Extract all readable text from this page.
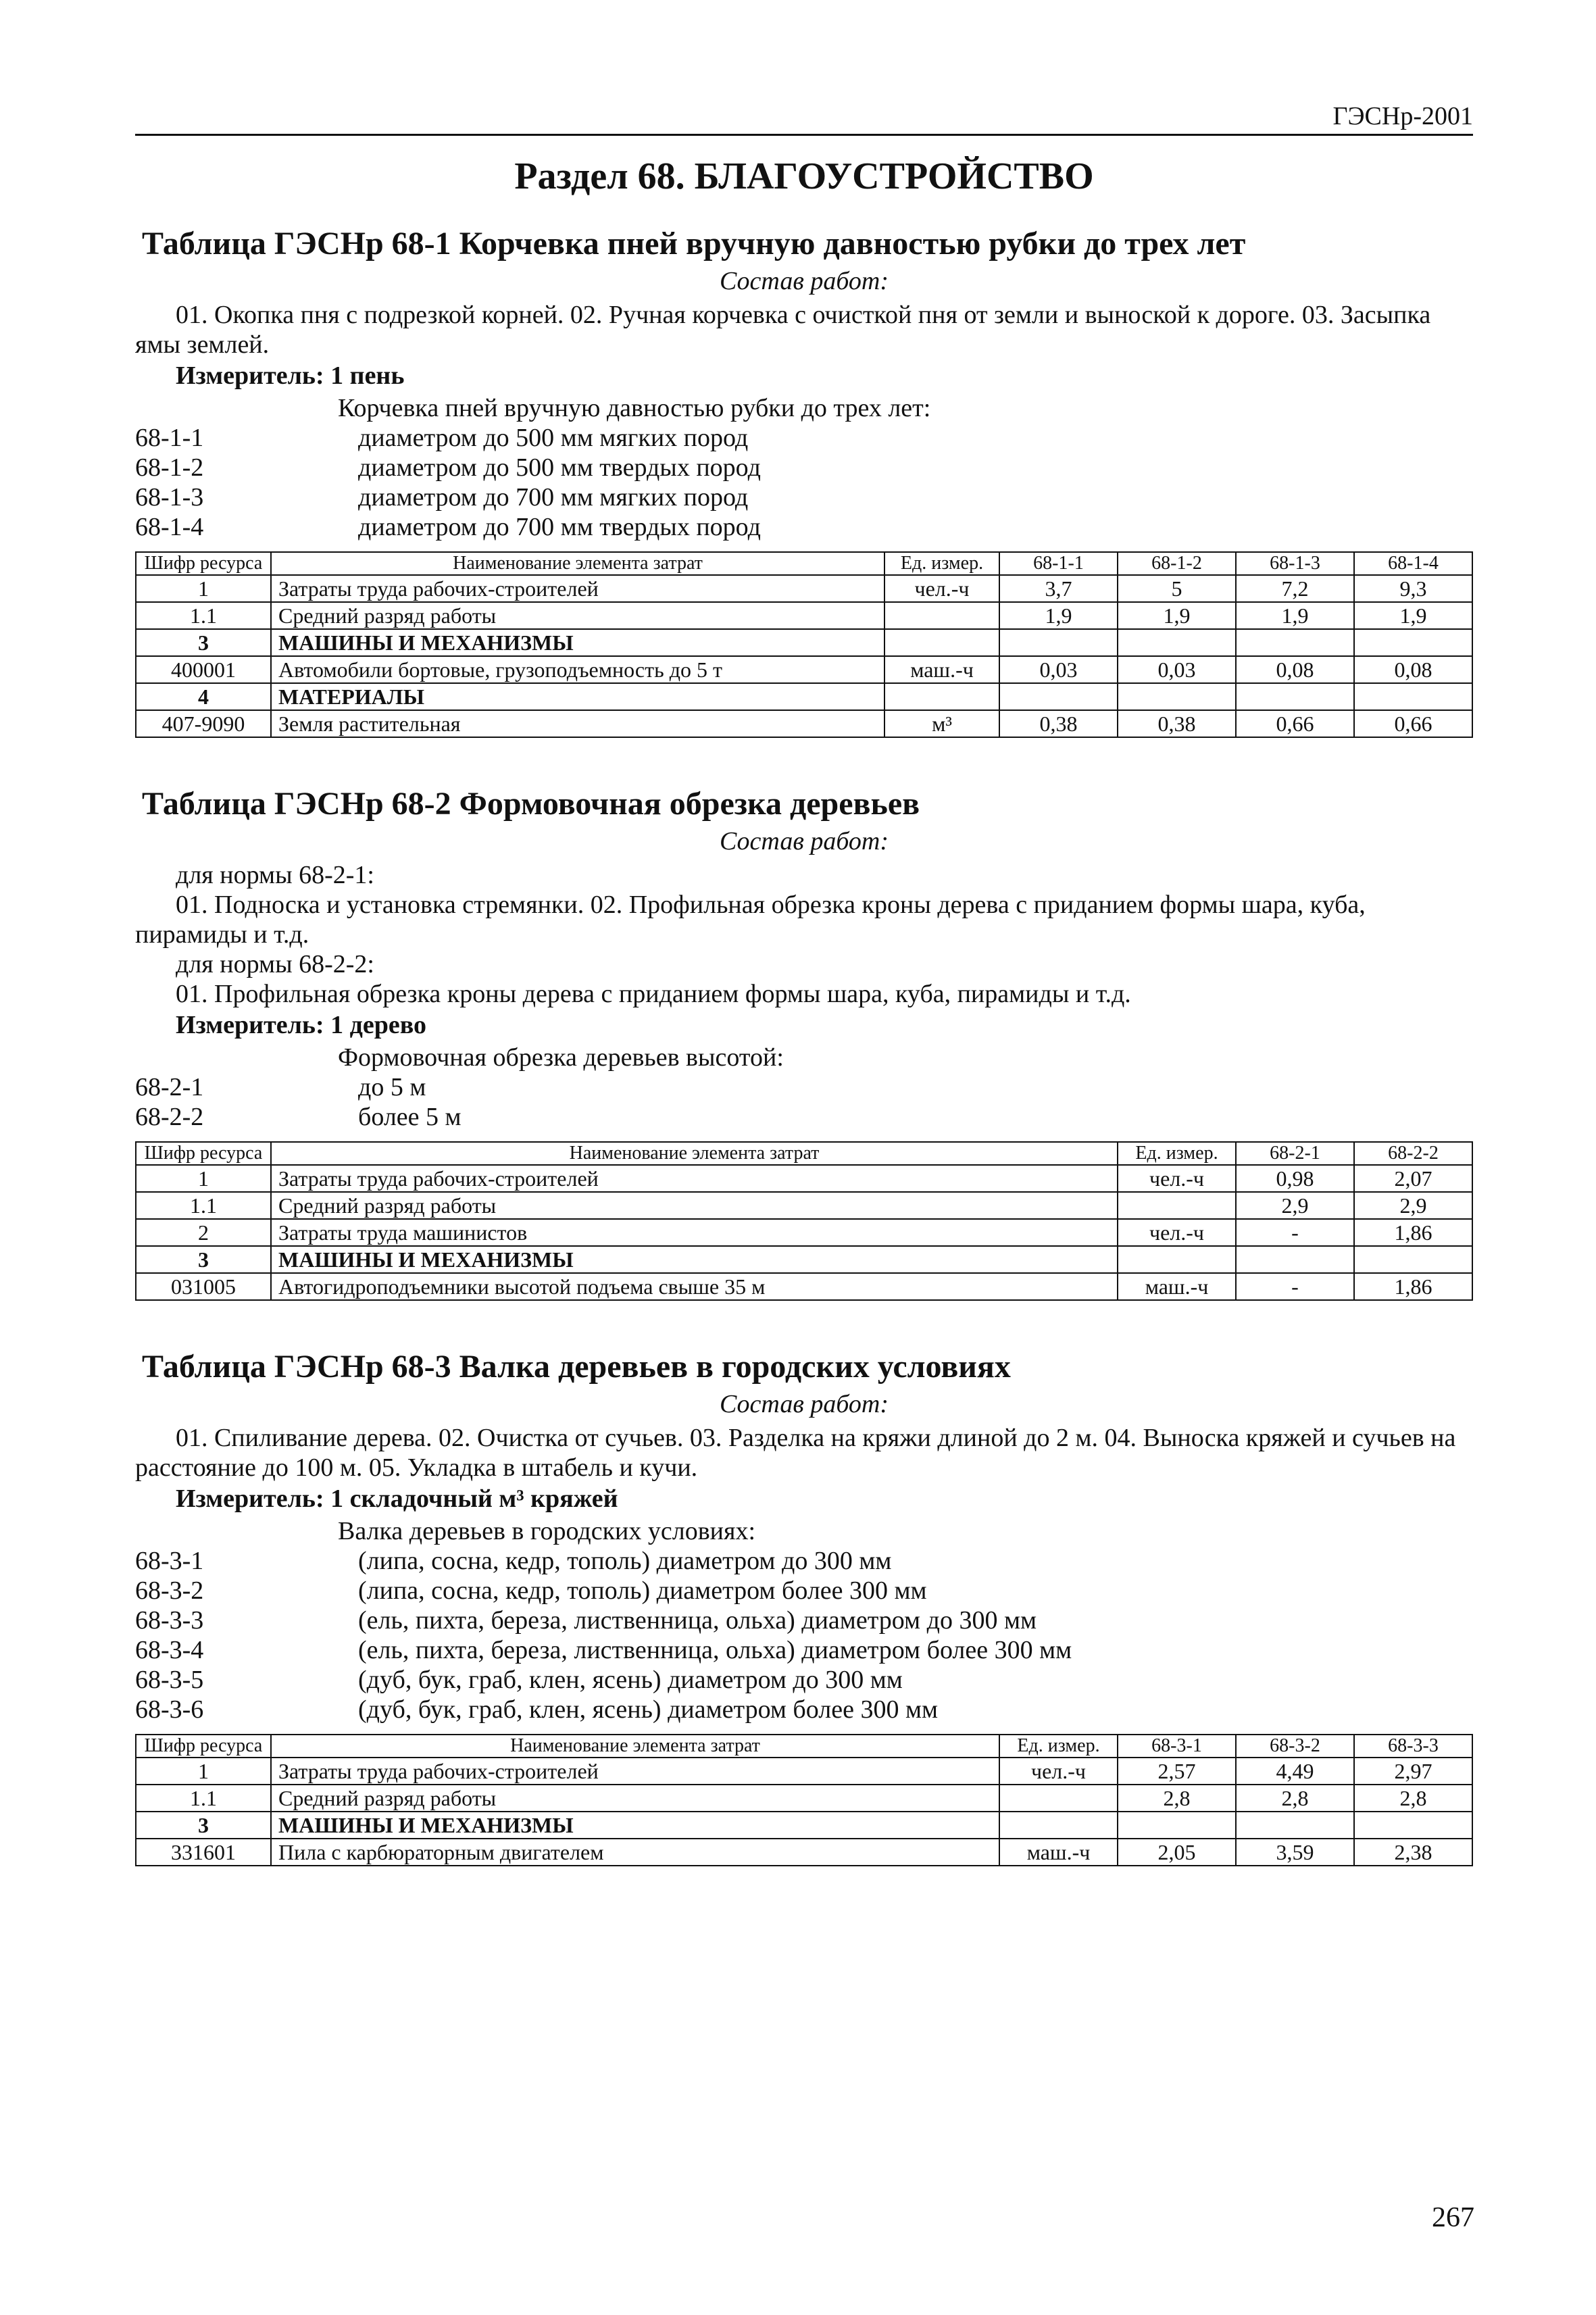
ГЭСНр-2001
Раздел 68. БЛАГОУСТРОЙСТВО
Таблица ГЭСНр 68-1 Корчевка пней вручную давностью рубки до трех лет
Состав работ:

01. Окопка пня с подрезкой корней. 02. Ручная корчевка с очисткой пня от земли и выноской к дороге. 03. Засыпка ямы землей.

Измеритель: 1 пень
Корчевка пней вручную давностью рубки до трех лет:
68-1-1	диаметром до 500 мм мягких пород
68-1-2	диаметром до 500 мм твердых пород
68-1-3	диаметром до 700 мм мягких пород
68-1-4	диаметром до 700 мм твердых пород
Шифр ресурса	Наименование элемента затрат	Ед. измер.	68-1-1	68-1-2	68-1-3	68-1-4
1	Затраты труда рабочих-строителей	чел.-ч	3,7	5	7,2	9,3
1.1	Средний разряд работы		1,9	1,9	1,9	1,9
3	МАШИНЫ И МЕХАНИЗМЫ					
400001	Автомобили бортовые, грузоподъемность до 5 т	маш.-ч	0,03	0,03	0,08	0,08
4	МАТЕРИАЛЫ					
407-9090	Земля растительная	м³	0,38	0,38	0,66	0,66
Таблица ГЭСНр 68-2 Формовочная обрезка деревьев
Состав работ:

для нормы 68-2-1:

01. Подноска и установка стремянки. 02. Профильная обрезка кроны дерева с приданием формы шара, куба, пирамиды и т.д.

для нормы 68-2-2:

01. Профильная обрезка кроны дерева с приданием формы шара, куба, пирамиды и т.д.

Измеритель: 1 дерево
Формовочная обрезка деревьев высотой:
68-2-1	до 5 м
68-2-2	более 5 м
Шифр ресурса	Наименование элемента затрат	Ед. измер.	68-2-1	68-2-2
1	Затраты труда рабочих-строителей	чел.-ч	0,98	2,07
1.1	Средний разряд работы		2,9	2,9
2	Затраты труда машинистов	чел.-ч	-	1,86
3	МАШИНЫ И МЕХАНИЗМЫ			
031005	Автогидроподъемники высотой подъема свыше 35 м	маш.-ч	-	1,86
Таблица ГЭСНр 68-3 Валка деревьев в городских условиях
Состав работ:

01. Спиливание дерева. 02. Очистка от сучьев. 03. Разделка на кряжи длиной до 2 м. 04. Выноска кряжей и сучьев на расстояние до 100 м. 05. Укладка в штабель и кучи.

Измеритель: 1 складочный м³ кряжей
Валка деревьев в городских условиях:
68-3-1	(липа, сосна, кедр, тополь) диаметром до 300 мм
68-3-2	(липа, сосна, кедр, тополь) диаметром более 300 мм
68-3-3	(ель, пихта, береза, лиственница, ольха) диаметром до 300 мм
68-3-4	(ель, пихта, береза, лиственница, ольха) диаметром более 300 мм
68-3-5	(дуб, бук, граб, клен, ясень) диаметром до 300 мм
68-3-6	(дуб, бук, граб, клен, ясень) диаметром более 300 мм
Шифр ресурса	Наименование элемента затрат	Ед. измер.	68-3-1	68-3-2	68-3-3
1	Затраты труда рабочих-строителей	чел.-ч	2,57	4,49	2,97
1.1	Средний разряд работы		2,8	2,8	2,8
3	МАШИНЫ И МЕХАНИЗМЫ				
331601	Пила с карбюраторным двигателем	маш.-ч	2,05	3,59	2,38
267
